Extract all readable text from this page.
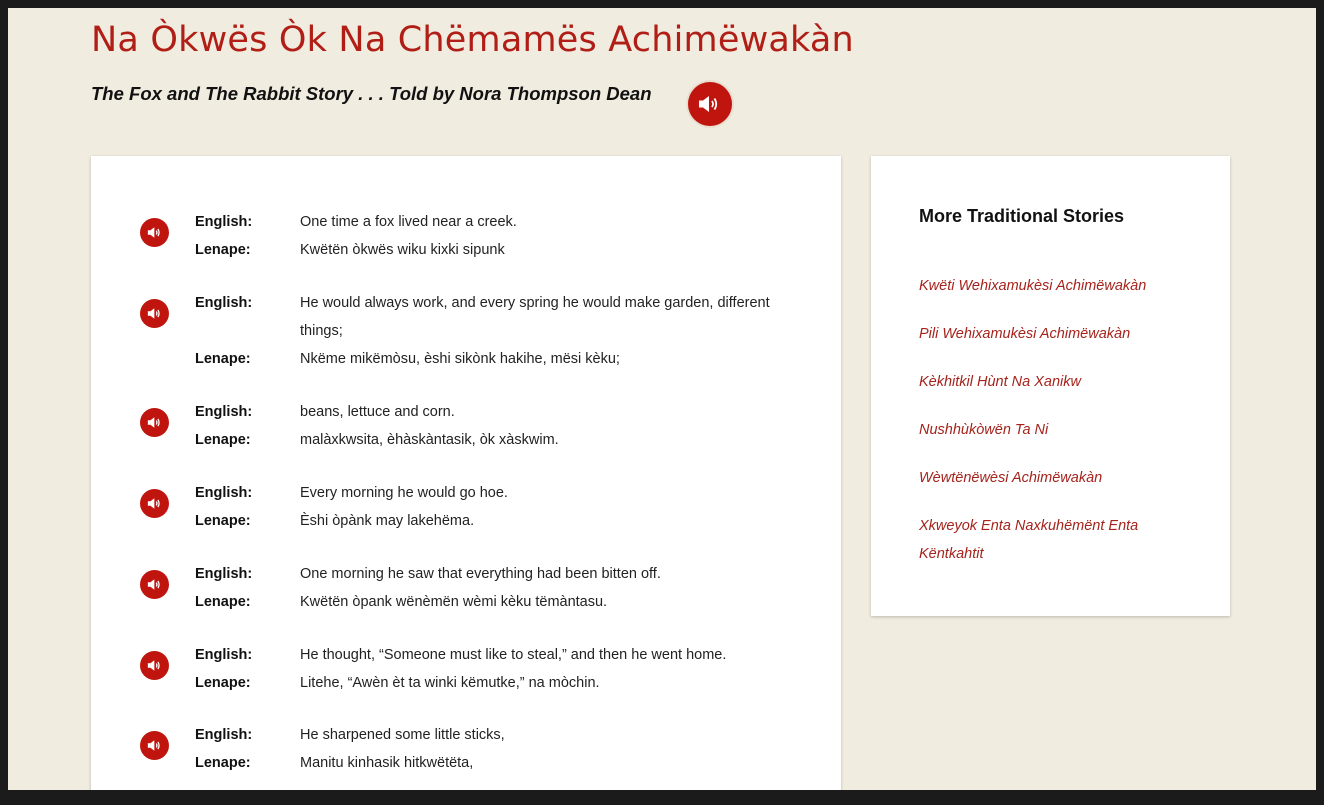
Na Òkwës Òk Na Chëmamës Achimëwakàn
The Fox and The Rabbit Story . . . Told by Nora Thompson Dean
English:	One time a fox lived near a creek.
Lenape:	Kwëtën òkwës wiku kixki sipunk
English:	He would always work, and every spring he would make garden, different things;
Lenape:	Nkëme mikëmòsu, èshi sikònk hakihe, mësi kèku;
English:	beans, lettuce and corn.
Lenape:	malàxkwsita, èhàskàntasik, òk xàskwim.
English:	Every morning he would go hoe.
Lenape:	Èshi òpànk may lakehëma.
English:	One morning he saw that everything had been bitten off.
Lenape:	Kwëtën òpank wënèmën wèmi kèku tëmàntasu.
English:	He thought, “Someone must like to steal,” and then he went home.
Lenape:	Litehe, “Awèn èt ta winki këmutke,” na mòchin.
English:	He sharpened some little sticks,
Lenape:	Manitu kinhasik hitkwëtëta,
More Traditional Stories
Kwëti Wehixamukèsi Achimëwakàn
Pili Wehixamukèsi Achimëwakàn
Kèkhitkil Hùnt Na Xanikw
Nushhùkòwën Ta Ni
Wèwtënëwèsi Achimëwakàn
Xkweyok Enta Naxkuhëmënt Enta Këntkahtit
